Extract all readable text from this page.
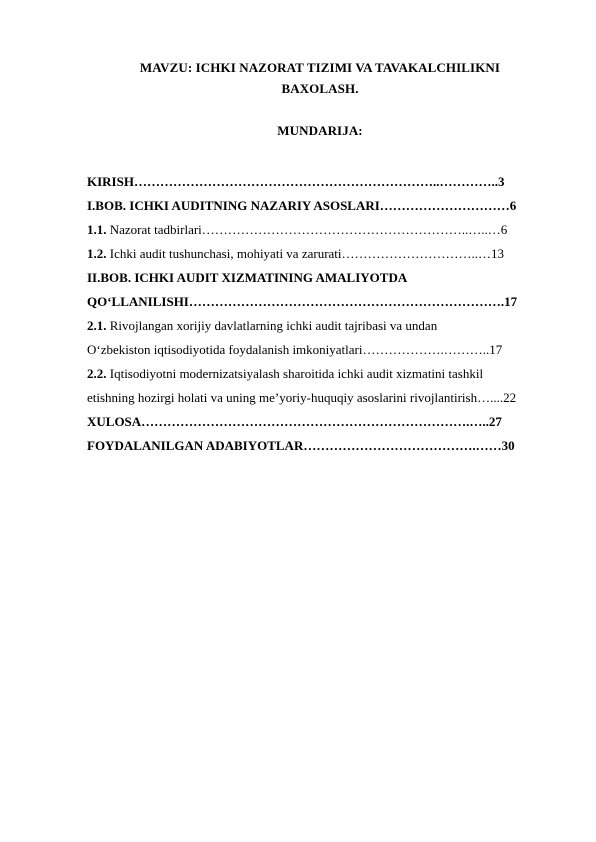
MAVZU: ICHKI NAZORAT TIZIMI VA TAVAKALCHILIKNI
BAXOLASH.
MUNDARIJA:
KIRISH……………………………………………………………..…………..3
I.BOB. ICHKI AUDITNING NAZARIY ASOSLARI…………………………6
1.1. Nazorat tadbirlari……………………………………………………..…..…6
1.2. Ichki audit tushunchasi, mohiyati va zarurati…………………………..…13
II.BOB. ICHKI AUDIT XIZMATINING AMALIYOTDA
QO‘LLANILISHI……………………………………………………………….17
2.1. Rivojlangan xorijiy davlatlarning ichki audit tajribasi va undan
O‘zbekiston iqtisodiyotida foydalanish imkoniyatlari……………….………..17
2.2. Iqtisodiyotni modernizatsiyalash sharoitida ichki audit xizmatini tashkil
etishning hozirgi holati va uning me’yoriy-huquqiy asoslarini rivojlantirish…....22
XULOSA………………………………………………………………….…..27
FOYDALANILGAN ADABIYOTLAR………………………………….……30
